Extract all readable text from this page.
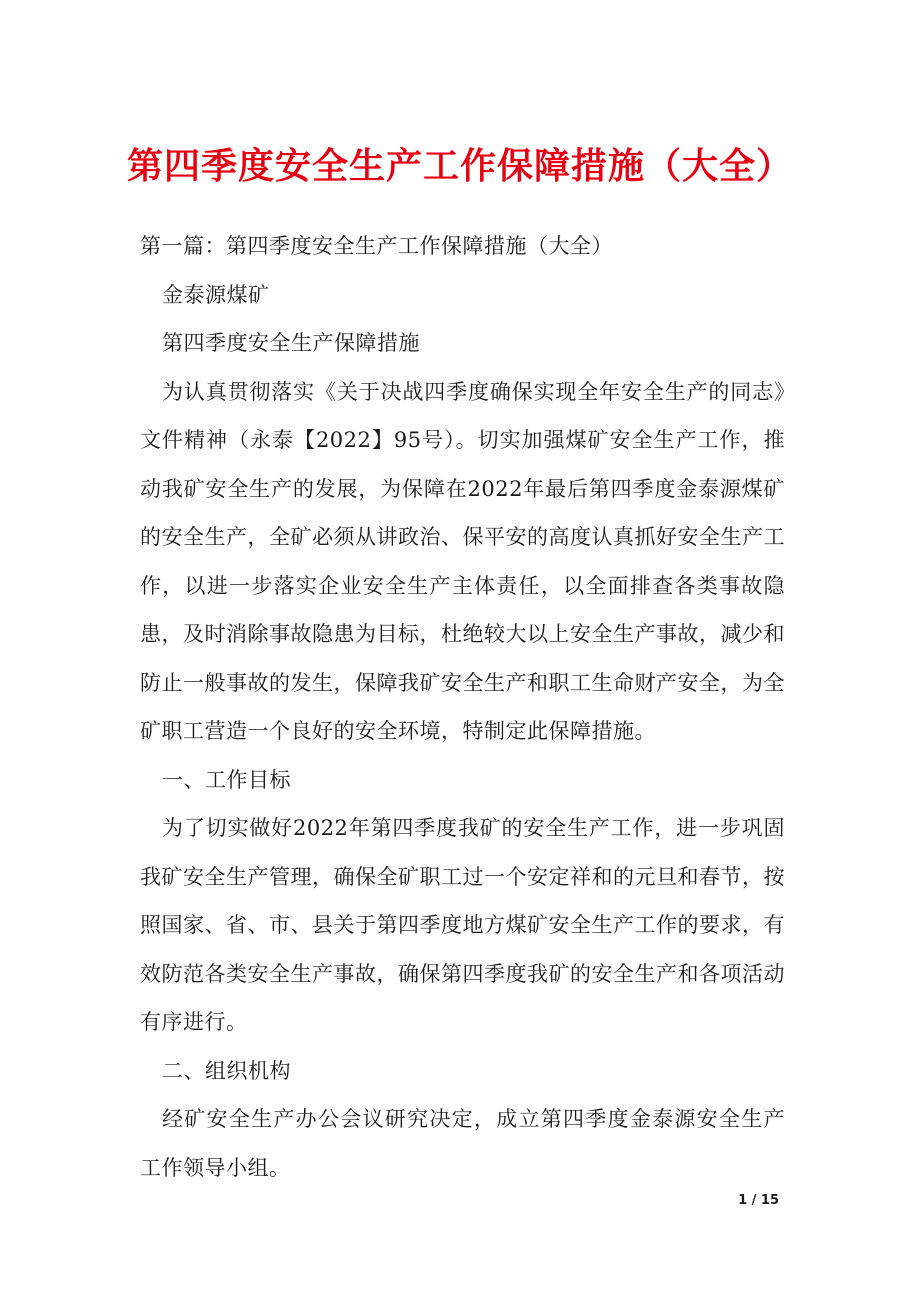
第四季度安全生产工作保障措施（大全）

第一篇：第四季度安全生产工作保障措施（大全）

金泰源煤矿

第四季度安全生产保障措施

为认真贯彻落实《关于决战四季度确保实现全年安全生产的同志》文件精神（永泰【2022】95号）。切实加强煤矿安全生产工作，推动我矿安全生产的发展，为保障在2022年最后第四季度金泰源煤矿的安全生产，全矿必须从讲政治、保平安的高度认真抓好安全生产工作，以进一步落实企业安全生产主体责任，以全面排查各类事故隐患，及时消除事故隐患为目标，杜绝较大以上安全生产事故，减少和防止一般事故的发生，保障我矿安全生产和职工生命财产安全，为全矿职工营造一个良好的安全环境，特制定此保障措施。

一、工作目标

为了切实做好2022年第四季度我矿的安全生产工作，进一步巩固我矿安全生产管理，确保全矿职工过一个安定祥和的元旦和春节，按照国家、省、市、县关于第四季度地方煤矿安全生产工作的要求，有效防范各类安全生产事故，确保第四季度我矿的安全生产和各项活动有序进行。

二、组织机构

经矿安全生产办公会议研究决定，成立第四季度金泰源安全生产工作领导小组。

1 / 15
